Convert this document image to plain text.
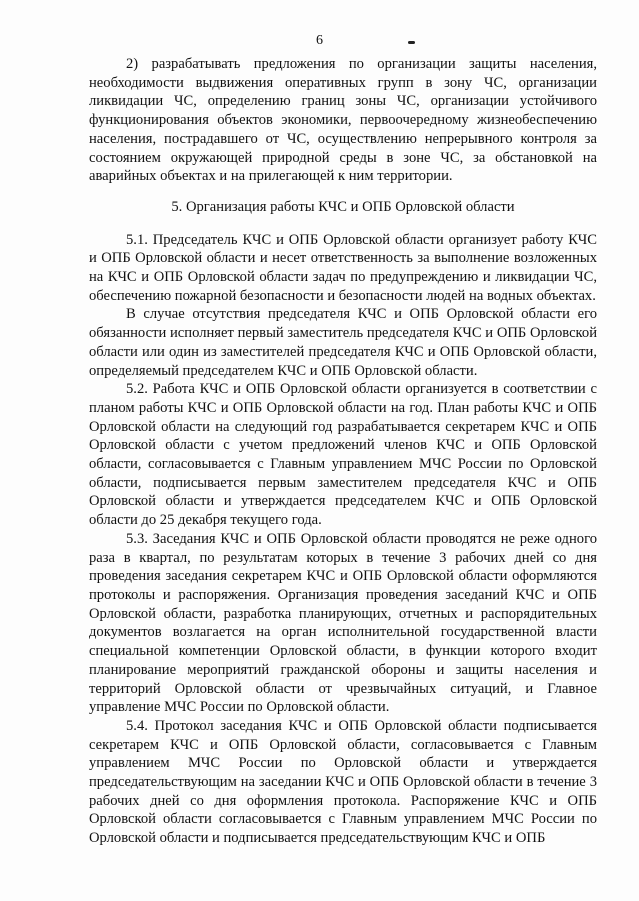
6

2) разрабатывать предложения по организации защиты населения, необходимости выдвижения оперативных групп в зону ЧС, организации ликвидации ЧС, определению границ зоны ЧС, организации устойчивого функционирования объектов экономики, первоочередному жизнеобеспечению населения, пострадавшего от ЧС, осуществлению непрерывного контроля за состоянием окружающей природной среды в зоне ЧС, за обстановкой на аварийных объектах и на прилегающей к ним территории.

5. Организация работы КЧС и ОПБ Орловской области

5.1. Председатель КЧС и ОПБ Орловской области организует работу КЧС и ОПБ Орловской области и несет ответственность за выполнение возложенных на КЧС и ОПБ Орловской области задач по предупреждению и ликвидации ЧС, обеспечению пожарной безопасности и безопасности людей на водных объектах.

В случае отсутствия председателя КЧС и ОПБ Орловской области его обязанности исполняет первый заместитель председателя КЧС и ОПБ Орловской области или один из заместителей председателя КЧС и ОПБ Орловской области, определяемый председателем КЧС и ОПБ Орловской области.

5.2. Работа КЧС и ОПБ Орловской области организуется в соответствии с планом работы КЧС и ОПБ Орловской области на год. План работы КЧС и ОПБ Орловской области на следующий год разрабатывается секретарем КЧС и ОПБ Орловской области с учетом предложений членов КЧС и ОПБ Орловской области, согласовывается с Главным управлением МЧС России по Орловской области, подписывается первым заместителем председателя КЧС и ОПБ Орловской области и утверждается председателем КЧС и ОПБ Орловской области до 25 декабря текущего года.

5.3. Заседания КЧС и ОПБ Орловской области проводятся не реже одного раза в квартал, по результатам которых в течение 3 рабочих дней со дня проведения заседания секретарем КЧС и ОПБ Орловской области оформляются протоколы и распоряжения. Организация проведения заседаний КЧС и ОПБ Орловской области, разработка планирующих, отчетных и распорядительных документов возлагается на орган исполнительной государственной власти специальной компетенции Орловской области, в функции которого входит планирование мероприятий гражданской обороны и защиты населения и территорий Орловской области от чрезвычайных ситуаций, и Главное управление МЧС России по Орловской области.

5.4. Протокол заседания КЧС и ОПБ Орловской области подписывается секретарем КЧС и ОПБ Орловской области, согласовывается с Главным управлением МЧС России по Орловской области и утверждается председательствующим на заседании КЧС и ОПБ Орловской области в течение 3 рабочих дней со дня оформления протокола. Распоряжение КЧС и ОПБ Орловской области согласовывается с Главным управлением МЧС России по Орловской области и подписывается председательствующим КЧС и ОПБ
